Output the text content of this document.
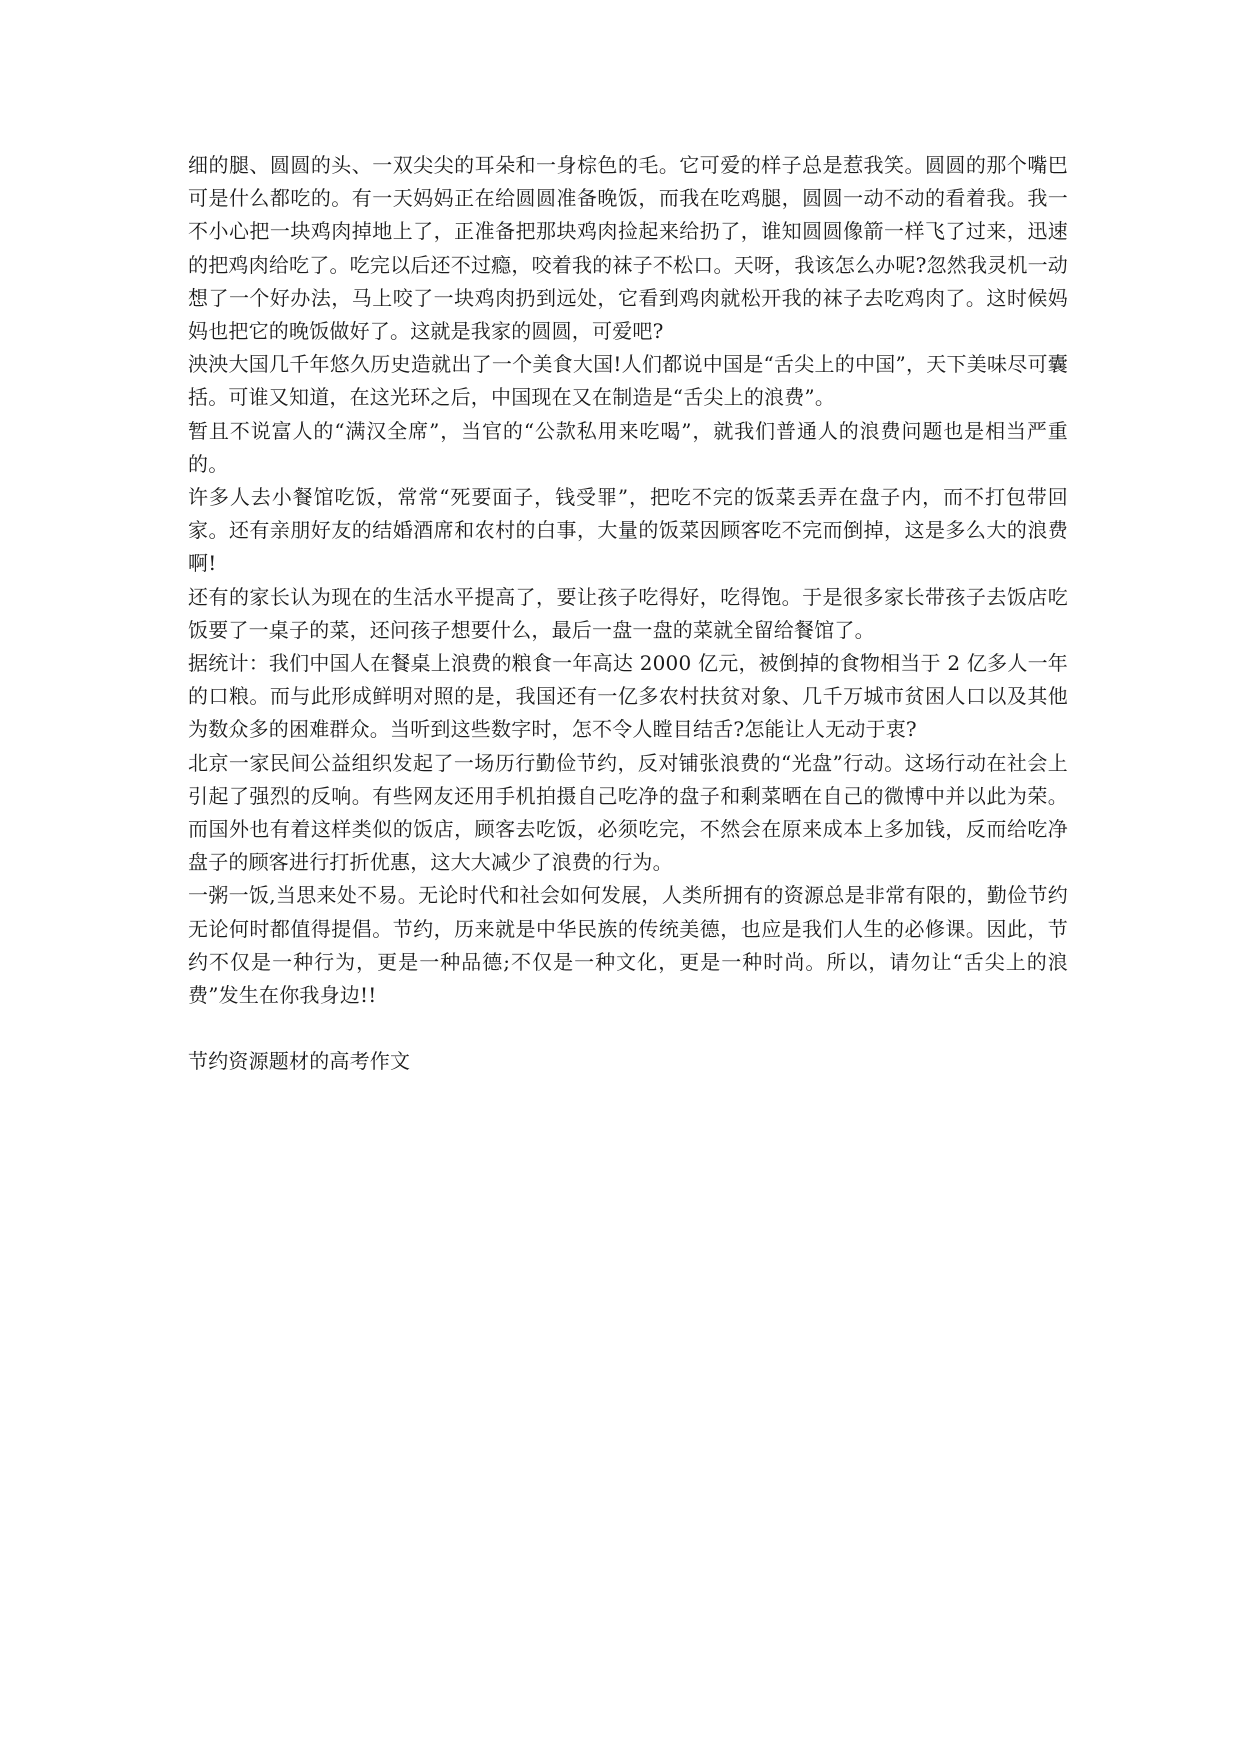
细的腿、圆圆的头、一双尖尖的耳朵和一身棕色的毛。它可爱的样子总是惹我笑。圆圆的那个嘴巴可是什么都吃的。有一天妈妈正在给圆圆准备晚饭，而我在吃鸡腿，圆圆一动不动的看着我。我一不小心把一块鸡肉掉地上了，正准备把那块鸡肉捡起来给扔了，谁知圆圆像箭一样飞了过来，迅速的把鸡肉给吃了。吃完以后还不过瘾，咬着我的袜子不松口。天呀，我该怎么办呢?忽然我灵机一动想了一个好办法，马上咬了一块鸡肉扔到远处，它看到鸡肉就松开我的袜子去吃鸡肉了。这时候妈妈也把它的晚饭做好了。这就是我家的圆圆，可爱吧?

泱泱大国几千年悠久历史造就出了一个美食大国!人们都说中国是“舌尖上的中国”，天下美味尽可囊括。可谁又知道，在这光环之后，中国现在又在制造是“舌尖上的浪费”。

暂且不说富人的“满汉全席”，当官的“公款私用来吃喝”，就我们普通人的浪费问题也是相当严重的。

许多人去小餐馆吃饭，常常“死要面子，钱受罪”，把吃不完的饭菜丢弄在盘子内，而不打包带回家。还有亲朋好友的结婚酒席和农村的白事，大量的饭菜因顾客吃不完而倒掉，这是多么大的浪费啊!

还有的家长认为现在的生活水平提高了，要让孩子吃得好，吃得饱。于是很多家长带孩子去饭店吃饭要了一桌子的菜，还问孩子想要什么，最后一盘一盘的菜就全留给餐馆了。

据统计：我们中国人在餐桌上浪费的粮食一年高达 2000 亿元，被倒掉的食物相当于 2 亿多人一年的口粮。而与此形成鲜明对照的是，我国还有一亿多农村扶贫对象、几千万城市贫困人口以及其他为数众多的困难群众。当听到这些数字时，怎不令人瞠目结舌?怎能让人无动于衷?

北京一家民间公益组织发起了一场历行勤俭节约，反对铺张浪费的“光盘”行动。这场行动在社会上引起了强烈的反响。有些网友还用手机拍摄自己吃净的盘子和剩菜晒在自己的微博中并以此为荣。而国外也有着这样类似的饭店，顾客去吃饭，必须吃完，不然会在原来成本上多加钱，反而给吃净盘子的顾客进行打折优惠，这大大减少了浪费的行为。

一粥一饭,当思来处不易。无论时代和社会如何发展，人类所拥有的资源总是非常有限的，勤俭节约无论何时都值得提倡。节约，历来就是中华民族的传统美德，也应是我们人生的必修课。因此，节约不仅是一种行为，更是一种品德;不仅是一种文化，更是一种时尚。所以，请勿让“舌尖上的浪费”发生在你我身边!!

节约资源题材的高考作文
